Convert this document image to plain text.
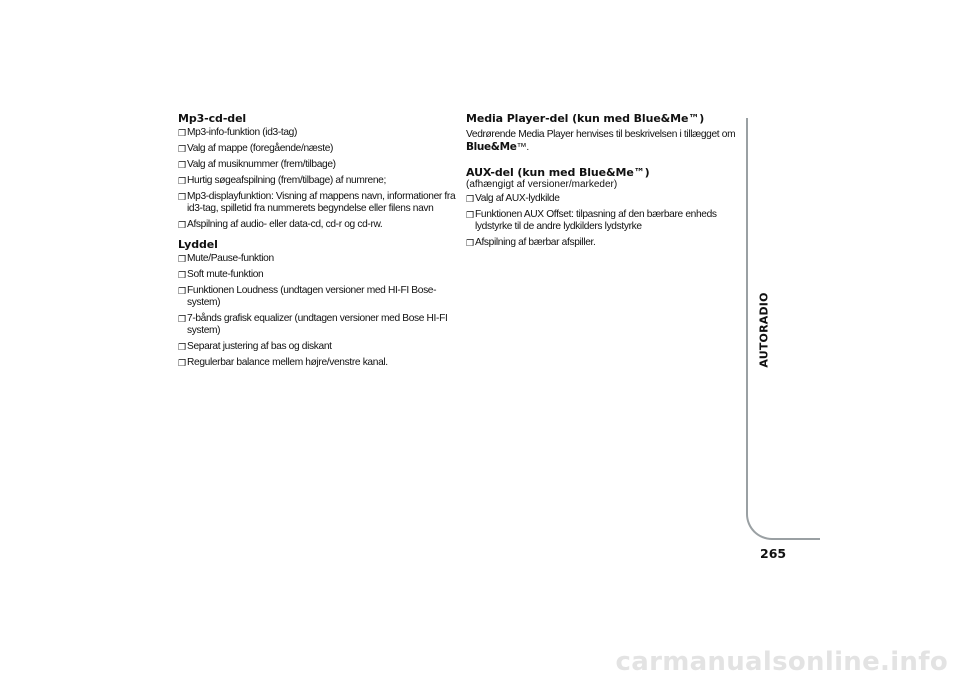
Mp3-cd-del
❒ Mp3-info-funktion (id3-tag)
❒ Valg af mappe (foregående/næste)
❒ Valg af musiknummer (frem/tilbage)
❒ Hurtig søgeafspilning (frem/tilbage) af numrene;
❒ Mp3-displayfunktion: Visning af mappens navn, informationer fra id3-tag, spilletid fra nummerets begyndelse eller filens navn
❒ Afspilning af audio- eller data-cd, cd-r og cd-rw.
Lyddel
❒ Mute/Pause-funktion
❒ Soft mute-funktion
❒ Funktionen Loudness (undtagen versioner med HI-FI Bose-system)
❒ 7-bånds grafisk equalizer (undtagen versioner med Bose HI-FI system)
❒ Separat justering af bas og diskant
❒ Regulerbar balance mellem højre/venstre kanal.
Media Player-del (kun med Blue&Me™)

Vedrørende Media Player henvises til beskrivelsen i tillægget om Blue&Me™.

AUX-del (kun med Blue&Me™)
(afhængigt af versioner/markeder)
❒ Valg af AUX-lydkilde
❒ Funktionen AUX Offset: tilpasning af den bærbare enheds lydstyrke til de andre lydkilders lydstyrke
❒ Afspilning af bærbar afspiller.
AUTORADIO
265
carmanualsonline.info
